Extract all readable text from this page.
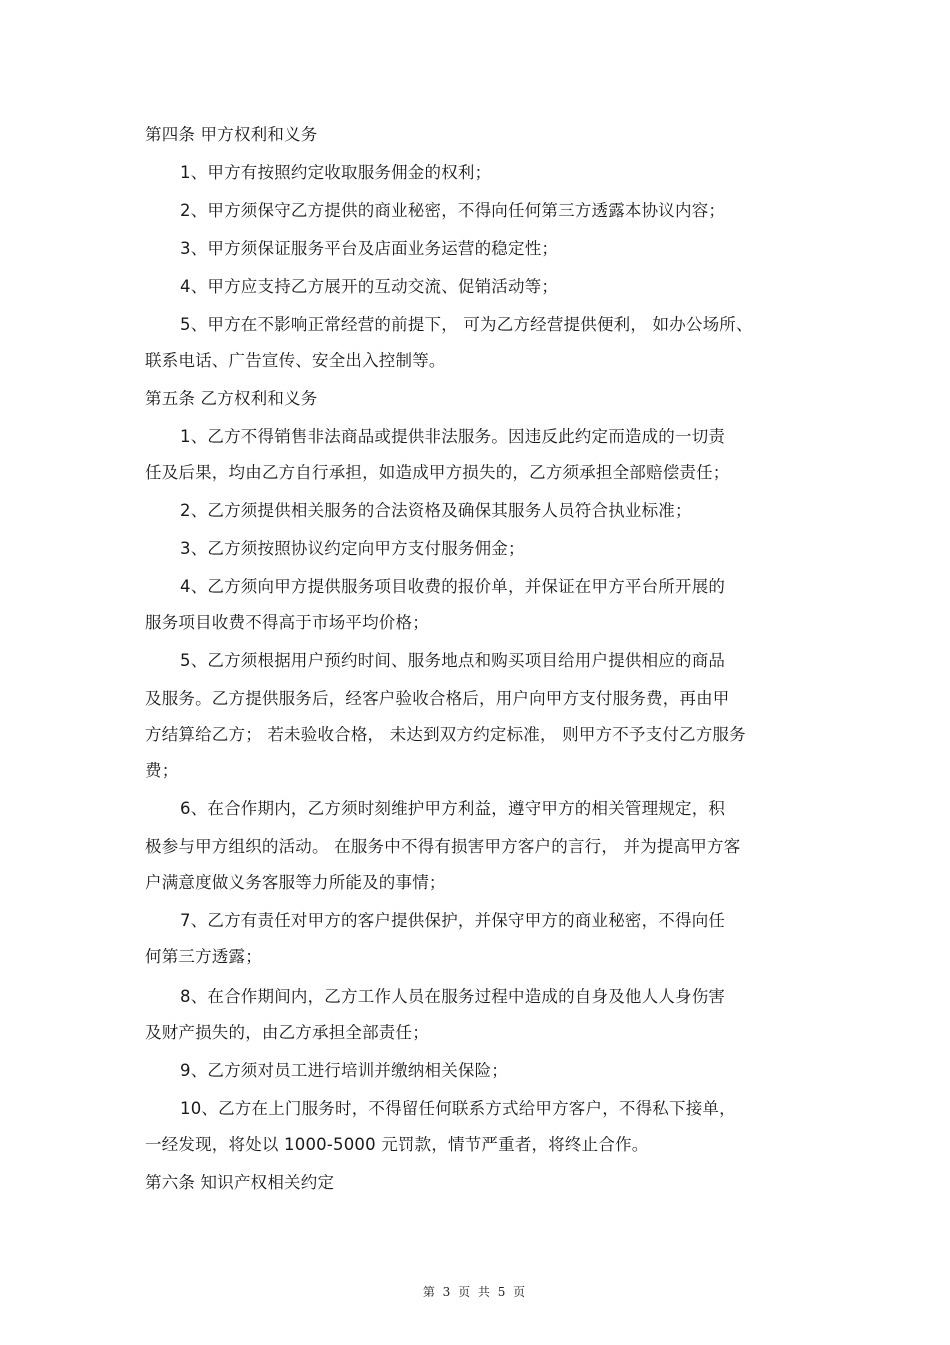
第四条 甲方权利和义务
1、甲方有按照约定收取服务佣金的权利；
2、甲方须保守乙方提供的商业秘密，不得向任何第三方透露本协议内容；
3、甲方须保证服务平台及店面业务运营的稳定性；
4、甲方应支持乙方展开的互动交流、促销活动等；
5、甲方在不影响正常经营的前提下， 可为乙方经营提供便利， 如办公场所、
联系电话、广告宣传、安全出入控制等。
第五条 乙方权利和义务
1、乙方不得销售非法商品或提供非法服务。因违反此约定而造成的一切责
任及后果，均由乙方自行承担，如造成甲方损失的，乙方须承担全部赔偿责任；
2、乙方须提供相关服务的合法资格及确保其服务人员符合执业标准；
3、乙方须按照协议约定向甲方支付服务佣金；
4、乙方须向甲方提供服务项目收费的报价单，并保证在甲方平台所开展的
服务项目收费不得高于市场平均价格；
5、乙方须根据用户预约时间、服务地点和购买项目给用户提供相应的商品
及服务。乙方提供服务后，经客户验收合格后，用户向甲方支付服务费，再由甲
方结算给乙方； 若未验收合格， 未达到双方约定标准， 则甲方不予支付乙方服务
费；
6、在合作期内，乙方须时刻维护甲方利益，遵守甲方的相关管理规定，积
极参与甲方组织的活动。 在服务中不得有损害甲方客户的言行， 并为提高甲方客
户满意度做义务客服等力所能及的事情；
7、乙方有责任对甲方的客户提供保护，并保守甲方的商业秘密，不得向任
何第三方透露；
8、在合作期间内，乙方工作人员在服务过程中造成的自身及他人人身伤害
及财产损失的，由乙方承担全部责任；
9、乙方须对员工进行培训并缴纳相关保险；
10、乙方在上门服务时，不得留任何联系方式给甲方客户，不得私下接单，
一经发现，将处以 1000-5000 元罚款，情节严重者，将终止合作。
第六条 知识产权相关约定
第 3 页 共 5 页
